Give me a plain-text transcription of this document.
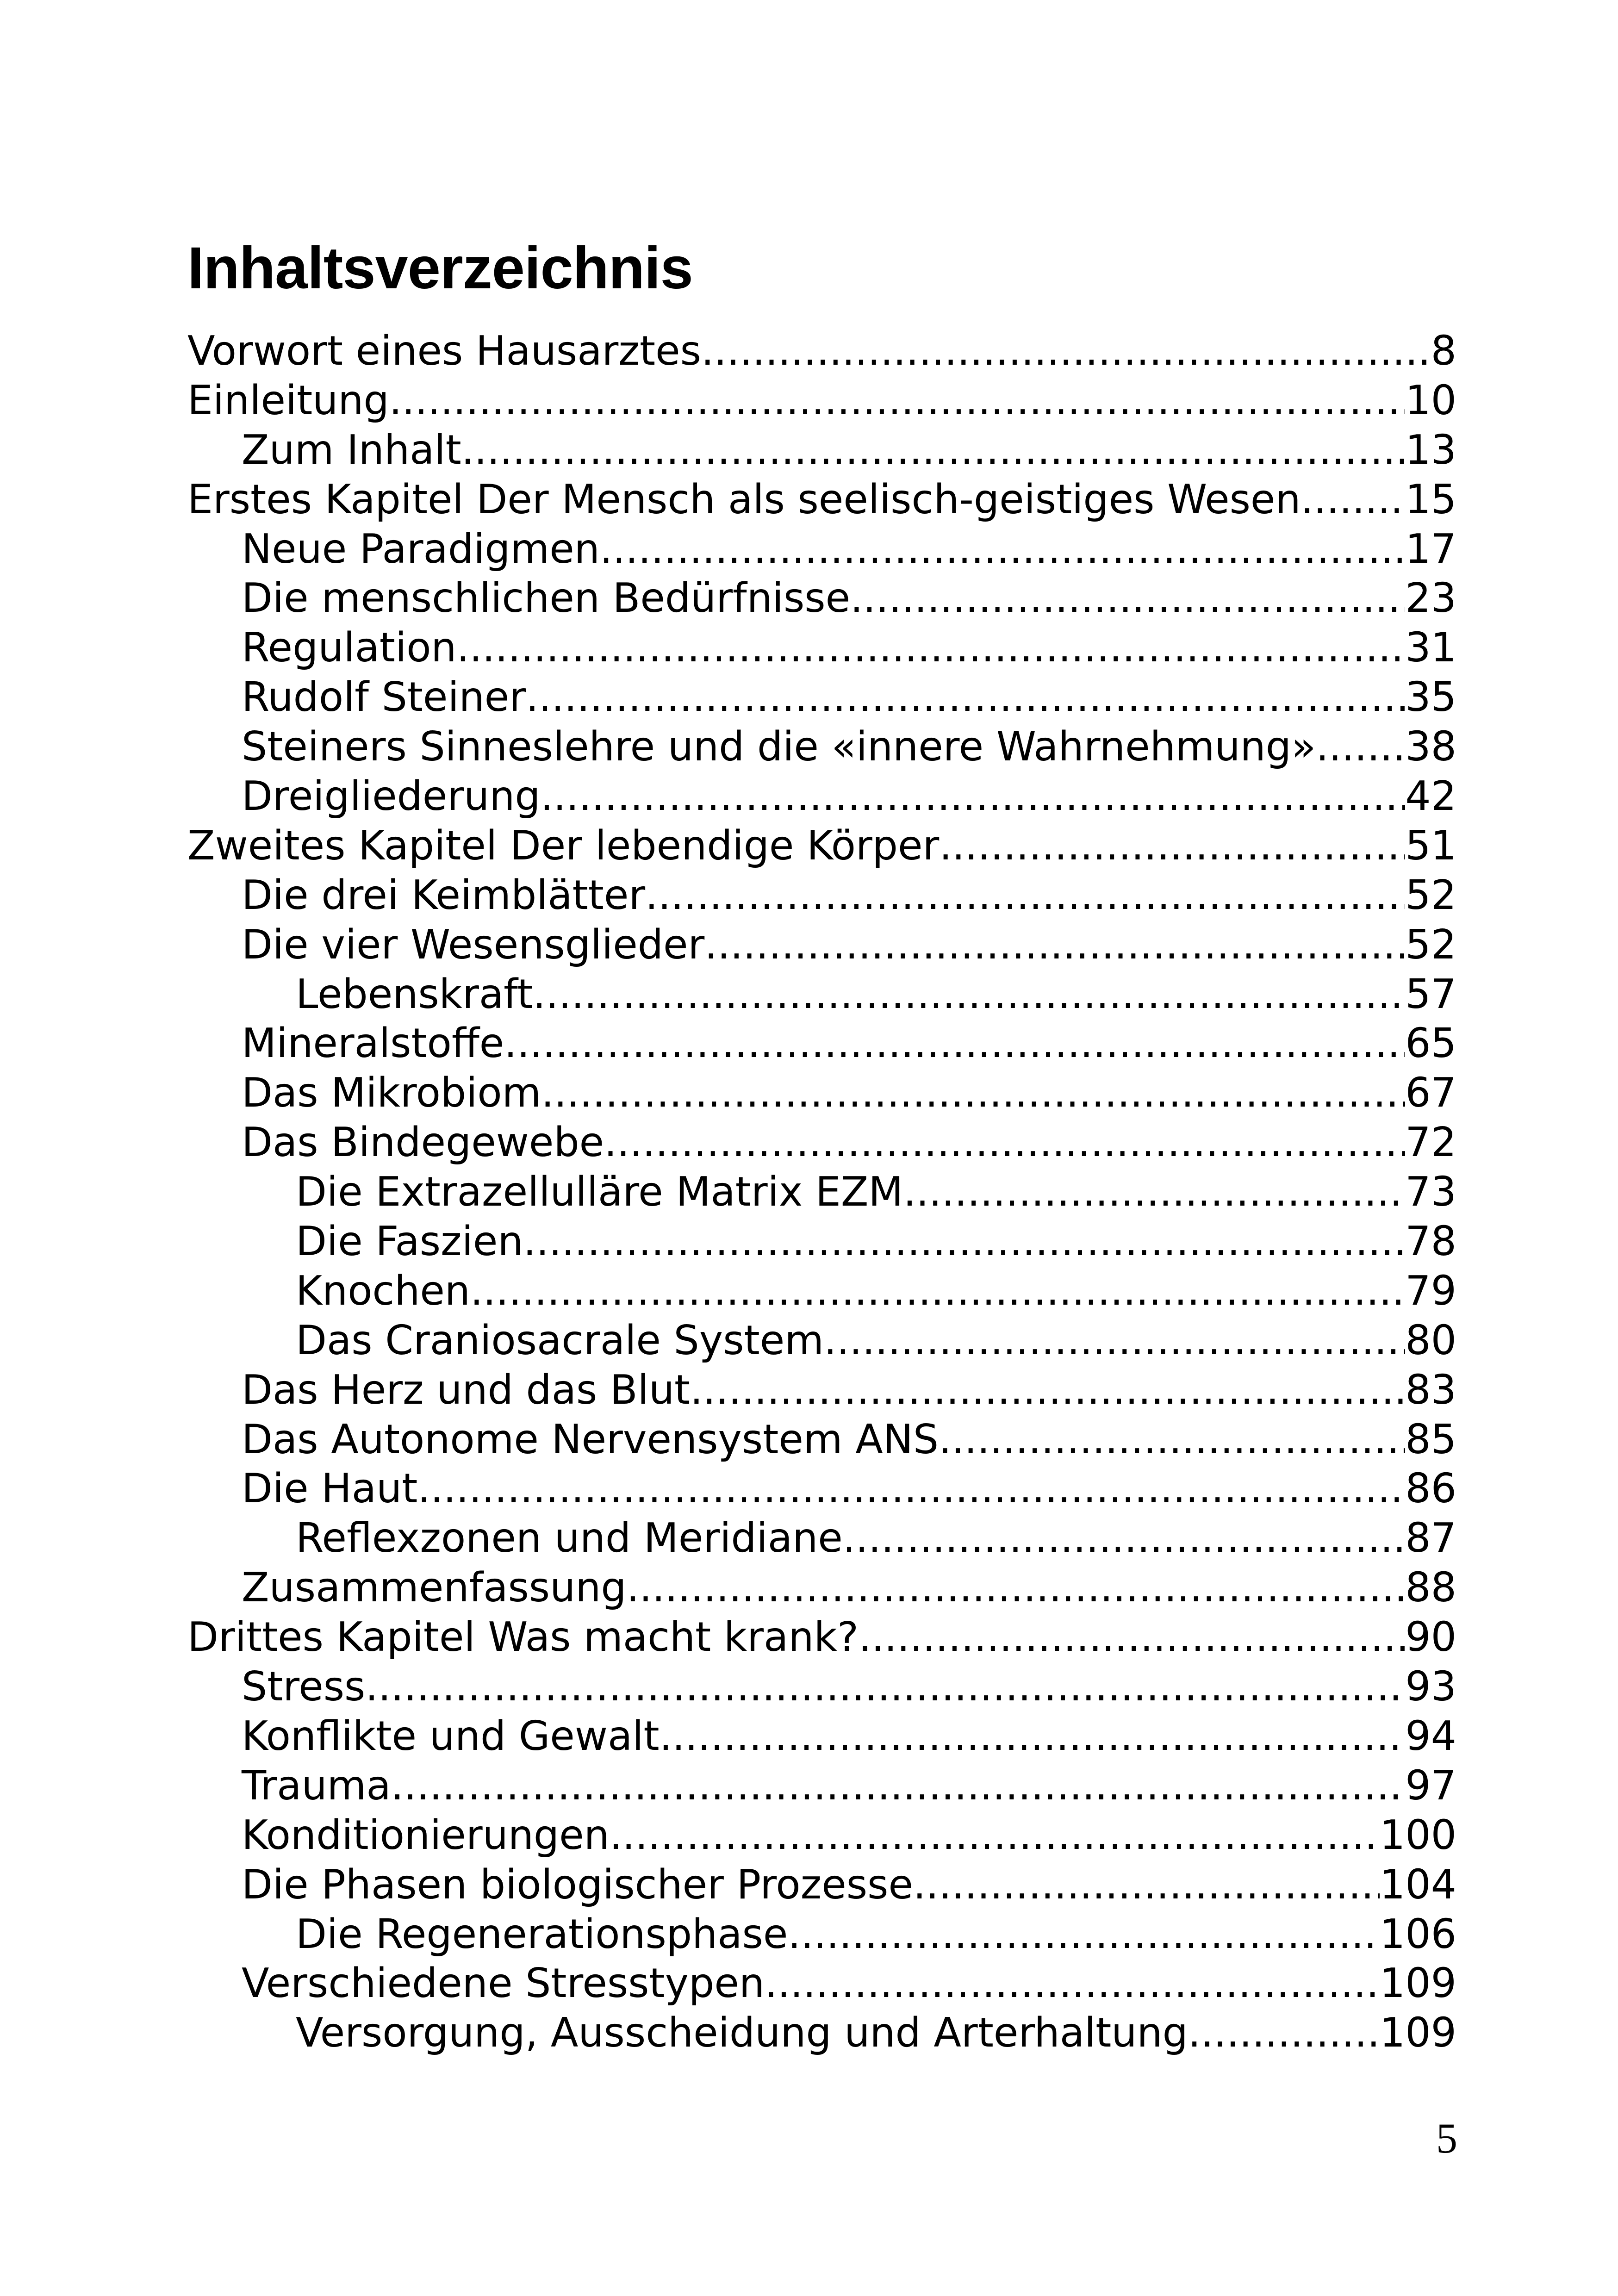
Inhaltsverzeichnis
Vorwort eines Hausarztes .....	8
Einleitung .....	10
Zum Inhalt .....	13
Erstes Kapitel Der Mensch als seelisch-geistiges Wesen .....	15
Neue Paradigmen .....	17
Die menschlichen Bedürfnisse .....	23
Regulation .....	31
Rudolf Steiner .....	35
Steiners Sinneslehre und die «innere Wahrnehmung» ..... 38
Dreigliederung .....	42
Zweites Kapitel Der lebendige Körper .....	51
Die drei Keimblätter .....	52
Die vier Wesensglieder .....	52
Lebenskraft .....	57
Mineralstoffe .....	65
Das Mikrobiom .....	67
Das Bindegewebe .....	72
Die Extrazellulläre Matrix EZM .....	73
Die Faszien .....	78
Knochen .....	79
Das Craniosacrale System .....	80
Das Herz und das Blut .....	83
Das Autonome Nervensystem ANS .....	85
Die Haut .....	86
Reflexzonen und Meridiane .....	87
Zusammenfassung .....	88
Drittes Kapitel Was macht krank? .....	90
Stress .....	93
Konflikte und Gewalt .....	94
Trauma .....	97
Konditionierungen .....	100
Die Phasen biologischer Prozesse .....	104
Die Regenerationsphase .....	106
Verschiedene Stresstypen .....	109
Versorgung, Ausscheidung und Arterhaltung .....	109
5
